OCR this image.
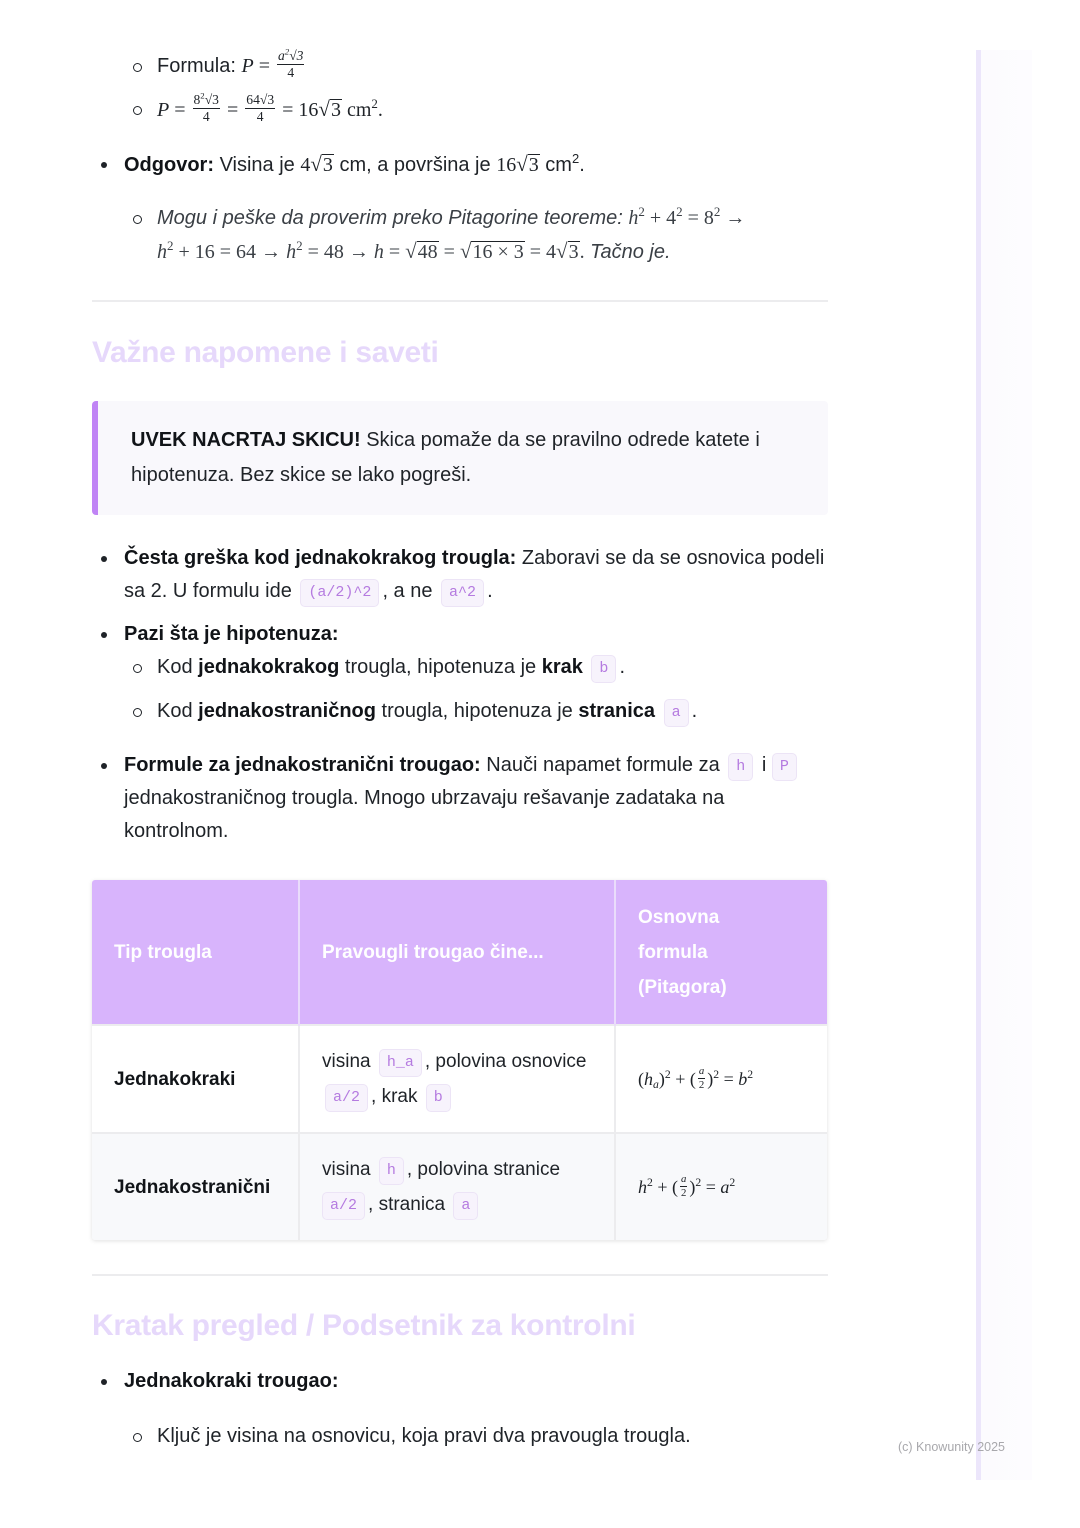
Formula: $P = \frac{a^2√3}{4}$
$P = \frac{8^2√3}{4} = \frac{64√3}{4} = 16√3$ $cm^2$.
Odgovor: Visina je 4√3 cm, a površina je 16√3 $cm^2$.
Mogu i peške da proverim preko Pitagorine teoreme: $h^2 + 4^2 = 8^2$ →
$h^2 + 16 = 64 \to h^2 = 48 \to h = √48 = √16 \times 3 = 4√3$. Tačno je.
Važne napomene i saveti
UVEK NACRTAJ SKICU! Skica pomaže da se pravilno odrede katete i hipotenuza. Bez skice se lako pogreši.
Česta greška kod jednakokrakog trougla: Zaboravi se da se osnovica podeli sa 2. U formulu ide (a/2)^2 , a ne a^2 .
Pazi šta je hipotenuza:
Kod jednakokrakog trougla, hipotenuza je krak b .
Kod jednakostraničnog trougla, hipotenuza je stranica a .
Formule za jednakostranični trougao: Nauči napamet formule za h i P jednakostraničnog trougla. Mnogo ubrzavaju rešavanje zadataka na kontrolnom.
Tip trougla	Pravougli trougao čine...	Osnovna
formula
(Pitagora)
Jednakokraki	visina h_a , polovina osnovice a/2 , krak b	$(h_a)^2$ + ( $\frac{a}{2} )^2 = b^2$
Jednakostranični	visina h , polovina stranice a/2 , stranica a	$h^2$ + ( $\frac{a}{2} )^2 = a^2$
Kratak pregled / Podsetnik za kontrolni
Jednakokraki trougao:
Ključ je visina na osnovicu, koja pravi dva pravougla trougla.	(c) Knowunity 2025
